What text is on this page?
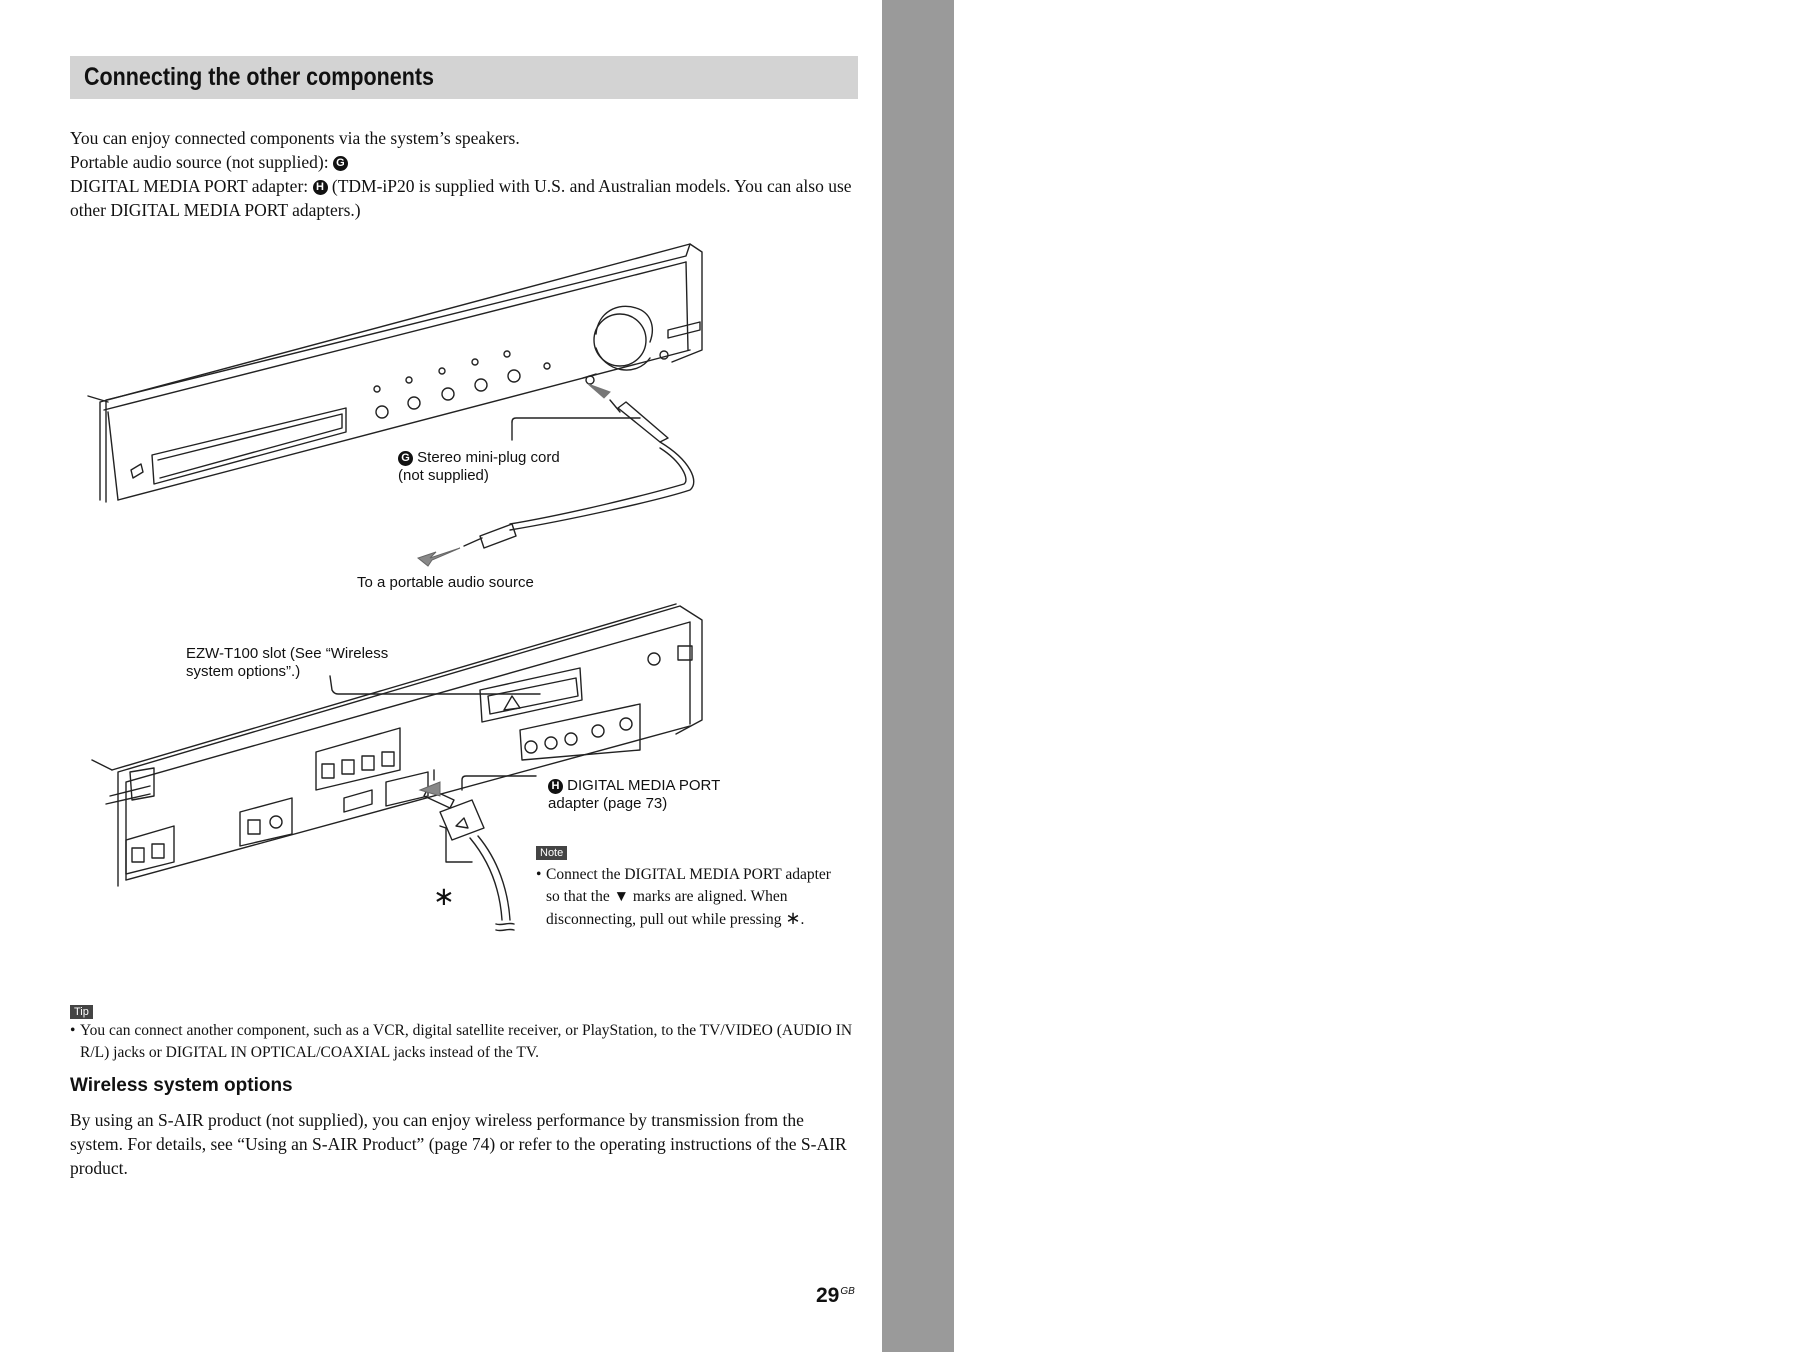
Getting Started
Connecting the other components

You can enjoy connected components via the system’s speakers.

Portable audio source (not supplied): G

DIGITAL MEDIA PORT adapter: H (TDM-iP20 is supplied with U.S. and Australian models. You can also use other DIGITAL MEDIA PORT adapters.)

G Stereo mini-plug cord (not supplied)
To a portable audio source
EZW-T100 slot (See “Wireless system options”.)
H DIGITAL MEDIA PORT adapter (page 73)
∗
Note
• Connect the DIGITAL MEDIA PORT adapter so that the ▼ marks are aligned. When disconnecting, pull out while pressing ∗.
Tip
• You can connect another component, such as a VCR, digital satellite receiver, or PlayStation, to the TV/VIDEO (AUDIO IN R/L) jacks or DIGITAL IN OPTICAL/COAXIAL jacks instead of the TV.
Wireless system options

By using an S-AIR product (not supplied), you can enjoy wireless performance by transmission from the system. For details, see “Using an S-AIR Product” (page 74) or refer to the operating instructions of the S-AIR product.

$29^{GB}$
